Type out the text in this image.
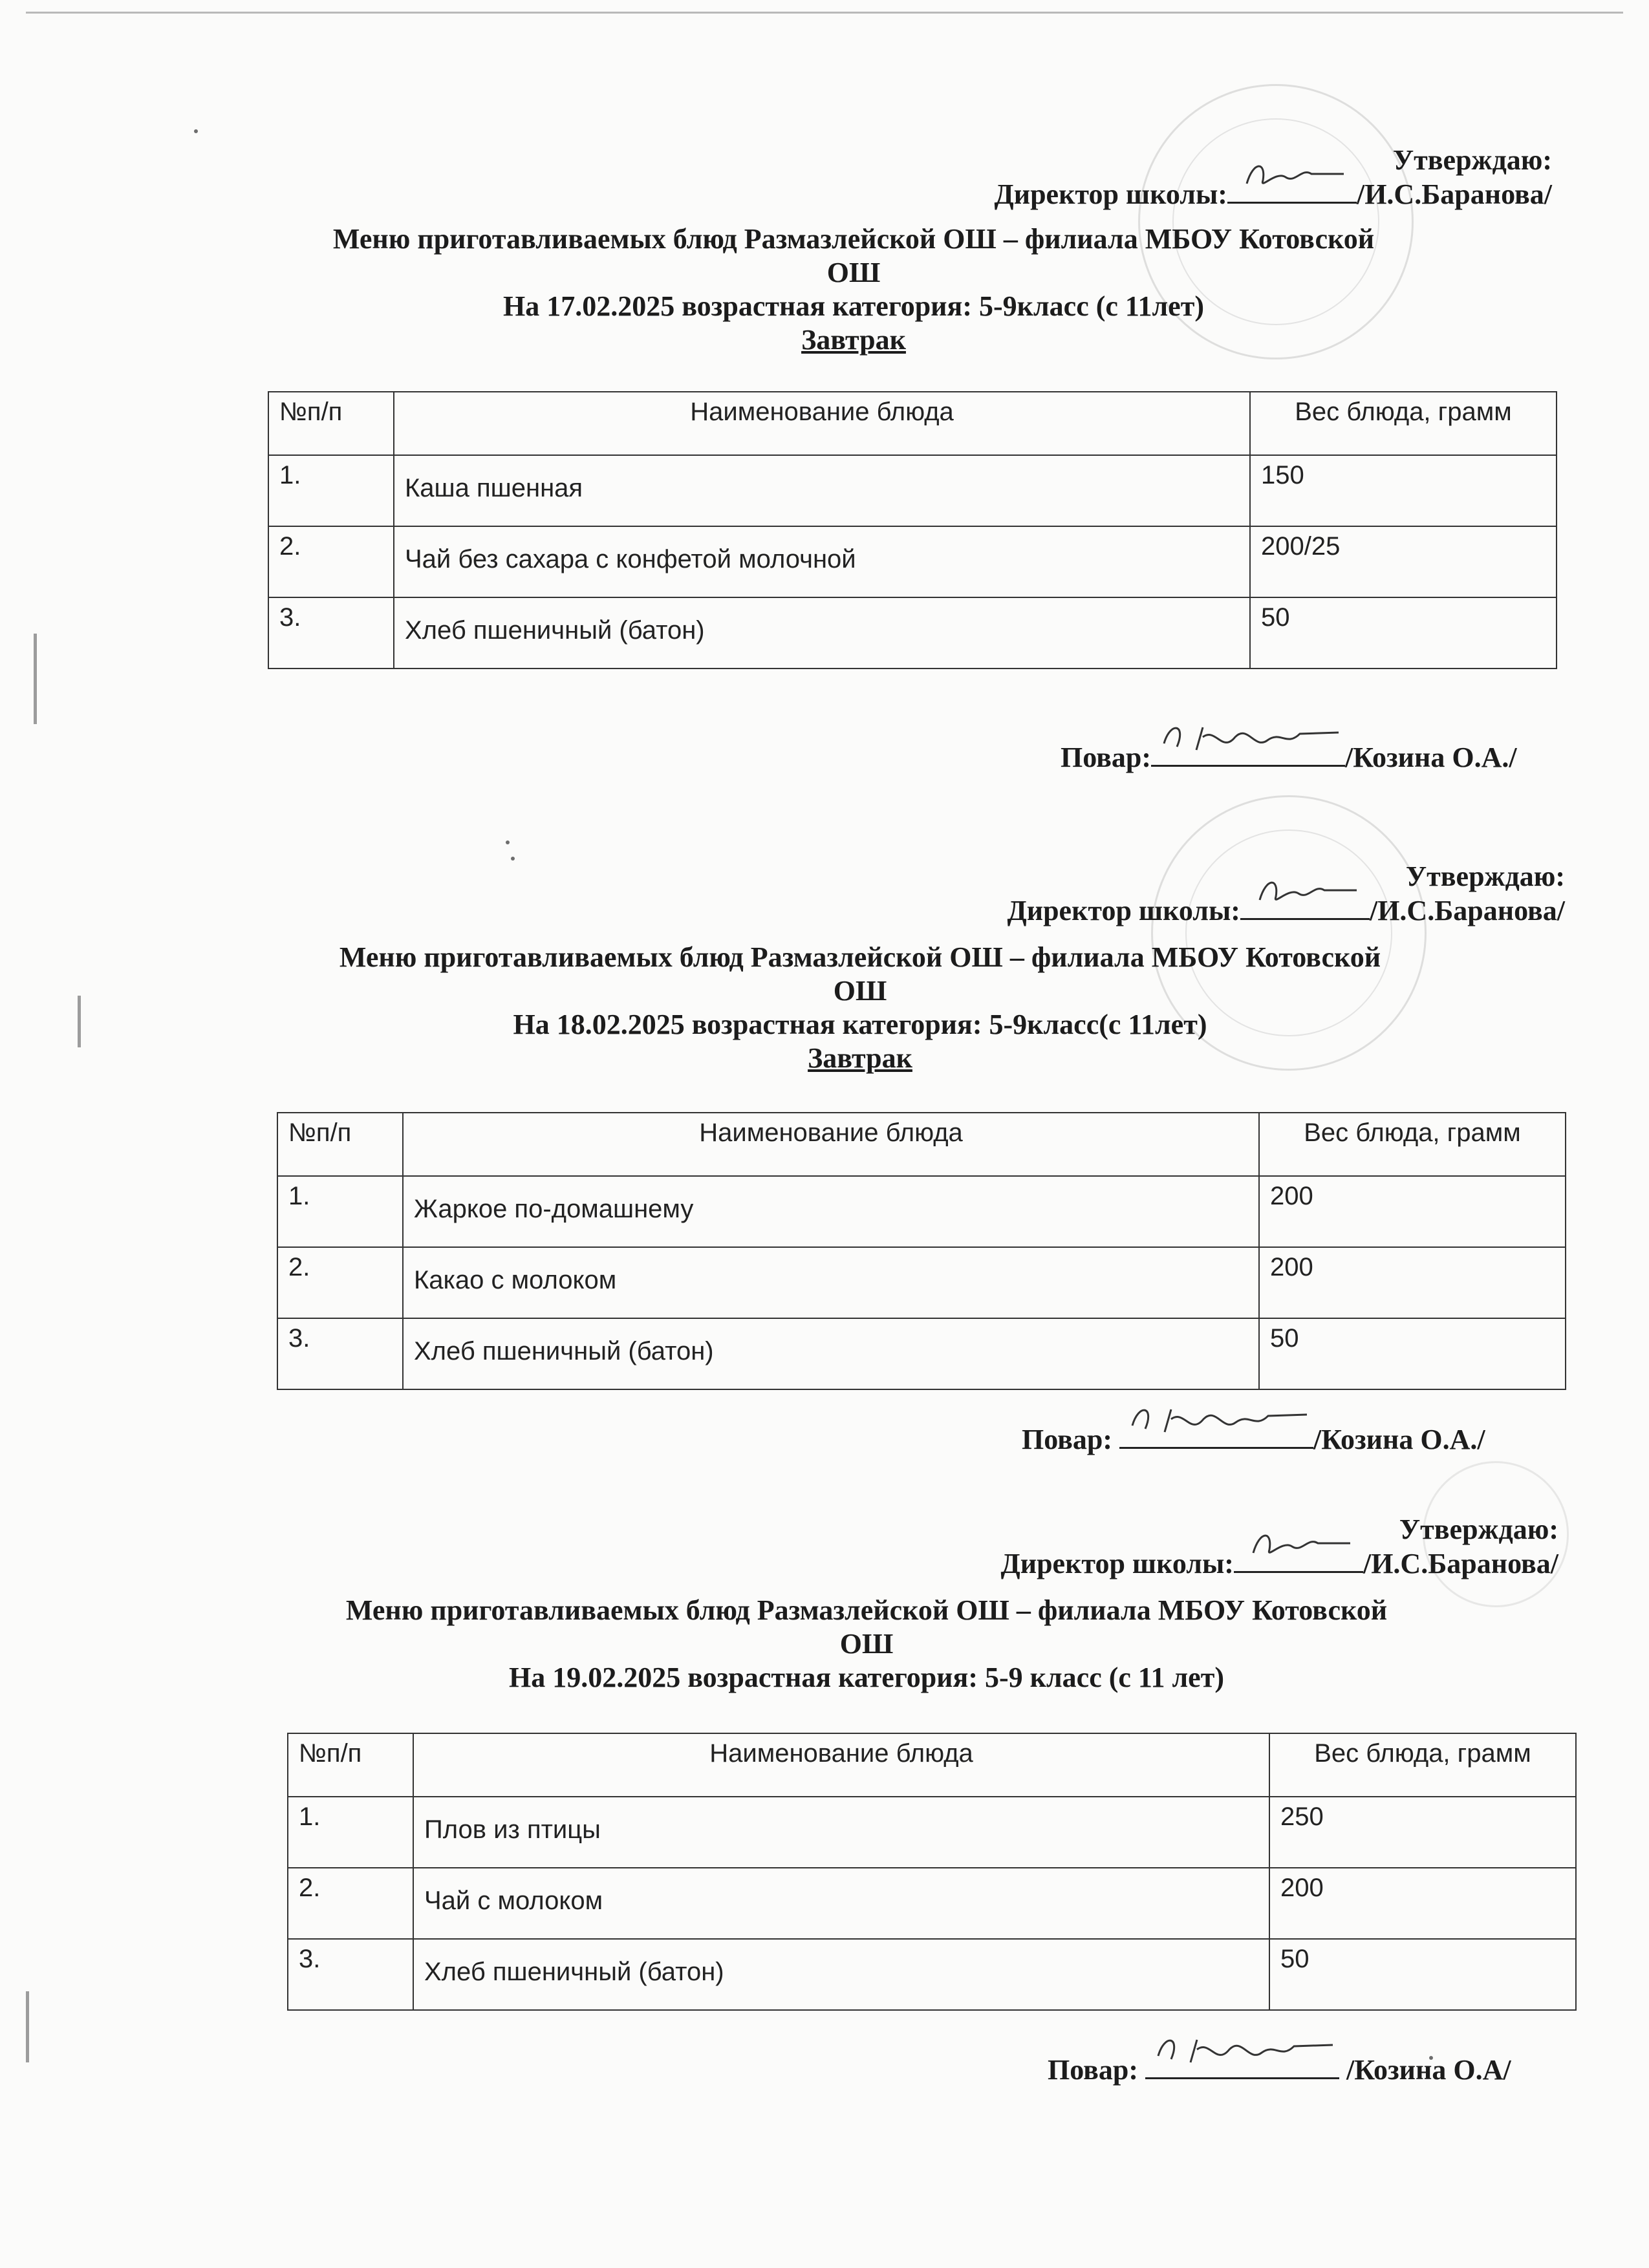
Утверждаю:
Директор школы:	/И.С.Баранова/
Меню приготавливаемых блюд Размазлейской ОШ – филиала МБОУ Котовской
ОШ
На 17.02.2025 возрастная категория: 5-9класс (с 11лет)
Завтрак
№п/п	Наименование блюда	Вес блюда, грамм
1.	Каша пшенная	150
2.	Чай без сахара с конфетой молочной	200/25
3.	Хлеб пшеничный (батон)	50
Повар:	/Козина О.А./
Утверждаю:
Директор школы:	/И.С.Баранова/
Меню приготавливаемых блюд Размазлейской ОШ – филиала МБОУ Котовской
ОШ
На 18.02.2025 возрастная категория: 5-9класс(с 11лет)
Завтрак
№п/п	Наименование блюда	Вес блюда, грамм
1.	Жаркое по-домашнему	200
2.	Какао с молоком	200
3.	Хлеб пшеничный (батон)	50
Повар:	/Козина О.А./
Утверждаю:
Директор школы:	/И.С.Баранова/
Меню приготавливаемых блюд Размазлейской ОШ – филиала МБОУ Котовской
ОШ
На 19.02.2025 возрастная категория: 5-9 класс (с 11 лет)
№п/п	Наименование блюда	Вес блюда, грамм
1.	Плов из птицы	250
2.	Чай с молоком	200
3.	Хлеб пшеничный (батон)	50
Повар:	/Козина О.А/
